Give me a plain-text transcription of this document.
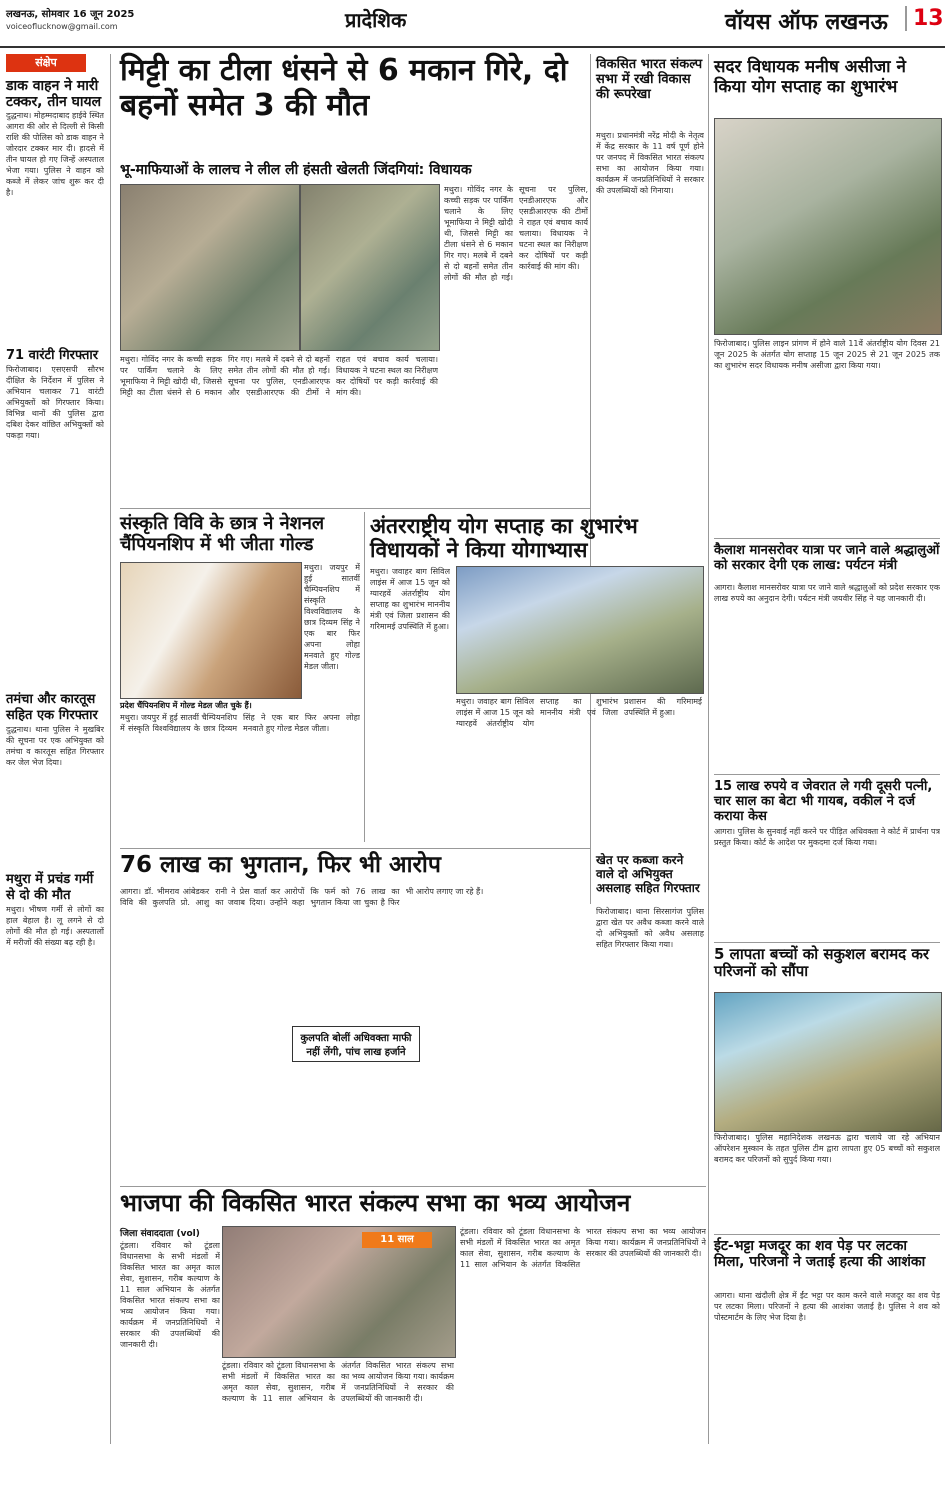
लखनऊ, सोमवार 16 जून 2025
voiceoflucknow@gmail.com	प्रादेशिक	वॉयस ऑफ लखनऊ	13
संक्षेप
डाक वाहन ने मारी टक्कर, तीन घायल
दुद्धनाथ। मोहम्मदाबाद हाईवे स्थित आगरा की ओर से दिल्ली से किसी राशि की पोलिस को डाक वाहन ने जोरदार टक्कर मार दी। हादसे में तीन घायल हो गए जिन्हें अस्पताल भेजा गया। पुलिस ने वाहन को कब्जे में लेकर जांच शुरू कर दी है।
71 वारंटी गिरफ्तार
फिरोजाबाद। एसएसपी सौरभ दीक्षित के निर्देशन में पुलिस ने अभियान चलाकर 71 वारंटी अभियुक्तों को गिरफ्तार किया। विभिन्न थानों की पुलिस द्वारा दबिश देकर वांछित अभियुक्तों को पकड़ा गया।
तमंचा और कारतूस सहित एक गिरफ्तार
दुद्धनाथ। थाना पुलिस ने मुखबिर की सूचना पर एक अभियुक्त को तमंचा व कारतूस सहित गिरफ्तार कर जेल भेज दिया।
मथुरा में प्रचंड गर्मी से दो की मौत
मथुरा। भीषण गर्मी से लोगों का हाल बेहाल है। लू लगने से दो लोगों की मौत हो गई। अस्पतालों में मरीजों की संख्या बढ़ रही है।
मिट्टी का टीला धंसने से 6 मकान गिरे, दो बहनों समेत 3 की मौत
भू-माफियाओं के लालच ने लील ली हंसती खेलती जिंदगियां: विधायक
मथुरा। गोविंद नगर के कच्ची सड़क पर पार्किंग चलाने के लिए भूमाफिया ने मिट्टी खोदी थी, जिससे मिट्टी का टीला धंसने से 6 मकान गिर गए। मलबे में दबने से दो बहनों समेत तीन लोगों की मौत हो गई। सूचना पर पुलिस, एनडीआरएफ और एसडीआरएफ की टीमों ने राहत एवं बचाव कार्य चलाया। विधायक ने घटना स्थल का निरीक्षण कर दोषियों पर कड़ी कार्रवाई की मांग की।
मथुरा। गोविंद नगर के कच्ची सड़क पर पार्किंग चलाने के लिए भूमाफिया ने मिट्टी खोदी थी, जिससे मिट्टी का टीला धंसने से 6 मकान गिर गए। मलबे में दबने से दो बहनों समेत तीन लोगों की मौत हो गई। सूचना पर पुलिस, एनडीआरएफ और एसडीआरएफ की टीमों ने राहत एवं बचाव कार्य चलाया। विधायक ने घटना स्थल का निरीक्षण कर दोषियों पर कड़ी कार्रवाई की मांग की।
विकसित भारत संकल्प सभा में रखी विकास की रूपरेखा
मथुरा। प्रधानमंत्री नरेंद्र मोदी के नेतृत्व में केंद्र सरकार के 11 वर्ष पूर्ण होने पर जनपद में विकसित भारत संकल्प सभा का आयोजन किया गया। कार्यक्रम में जनप्रतिनिधियों ने सरकार की उपलब्धियों को गिनाया।
सदर विधायक मनीष असीजा ने किया योग सप्ताह का शुभारंभ
फिरोजाबाद। पुलिस लाइन प्रांगण में होने वाले 11वें अंतर्राष्ट्रीय योग दिवस 21 जून 2025 के अंतर्गत योग सप्ताह 15 जून 2025 से 21 जून 2025 तक का शुभारंभ सदर विधायक मनीष असीजा द्वारा किया गया।
संस्कृति विवि के छात्र ने नेशनल चैंपियनशिप में भी जीता गोल्ड
मथुरा। जयपुर में हुई सातवीं चैम्पियनशिप में संस्कृति विश्वविद्यालय के छात्र दिव्यम सिंह ने एक बार फिर अपना लोहा मनवाते हुए गोल्ड मेडल जीता।
प्रदेश चैंपियनशिप में गोल्ड मेडल जीत चुके हैं।
मथुरा। जयपुर में हुई सातवीं चैम्पियनशिप में संस्कृति विश्वविद्यालय के छात्र दिव्यम सिंह ने एक बार फिर अपना लोहा मनवाते हुए गोल्ड मेडल जीता।
अंतरराष्ट्रीय योग सप्ताह का शुभारंभ विधायकों ने किया योगाभ्यास
मथुरा। जवाहर बाग सिविल लाइंस में आज 15 जून को ग्यारहवें अंतर्राष्ट्रीय योग सप्ताह का शुभारंभ माननीय मंत्री एवं जिला प्रशासन की गरिमामई उपस्थिति में हुआ।
मथुरा। जवाहर बाग सिविल लाइंस में आज 15 जून को ग्यारहवें अंतर्राष्ट्रीय योग सप्ताह का शुभारंभ माननीय मंत्री एवं जिला प्रशासन की गरिमामई उपस्थिति में हुआ।
कैलाश मानसरोवर यात्रा पर जाने वाले श्रद्धालुओं को सरकार देगी एक लाख: पर्यटन मंत्री
आगरा। कैलाश मानसरोवर यात्रा पर जाने वाले श्रद्धालुओं को प्रदेश सरकार एक लाख रुपये का अनुदान देगी। पर्यटन मंत्री जयवीर सिंह ने यह जानकारी दी।
15 लाख रुपये व जेवरात ले गयी दूसरी पत्नी, चार साल का बेटा भी गायब, वकील ने दर्ज कराया केस
आगरा। पुलिस के सुनवाई नहीं करने पर पीड़ित अधिवक्ता ने कोर्ट में प्रार्थना पत्र प्रस्तुत किया। कोर्ट के आदेश पर मुकदमा दर्ज किया गया।
76 लाख का भुगतान, फिर भी आरोप
आगरा। डॉ. भीमराव आंबेडकर विवि की कुलपति प्रो. आशु रानी ने प्रेस वार्ता कर आरोपों का जवाब दिया। उन्होंने कहा कि फर्म को 76 लाख का भुगतान किया जा चुका है फिर भी आरोप लगाए जा रहे हैं।
कुलपति बोलीं अधिवक्ता माफी नहीं लेंगी, पांच लाख हर्जाने
खेत पर कब्जा करने वाले दो अभियुक्त असलाह सहित गिरफ्तार
फिरोजाबाद। थाना सिरसागंज पुलिस द्वारा खेत पर अवैध कब्जा करने वाले दो अभियुक्तों को अवैध असलाह सहित गिरफ्तार किया गया।
5 लापता बच्चों को सकुशल बरामद कर परिजनों को सौंपा
फिरोजाबाद। पुलिस महानिदेशक लखनऊ द्वारा चलाये जा रहे अभियान ऑपरेशन मुस्कान के तहत पुलिस टीम द्वारा लापता हुए 05 बच्चों को सकुशल बरामद कर परिजनों को सुपुर्द किया गया।
ईट-भट्टा मजदूर का शव पेड़ पर लटका मिला, परिजनों ने जताई हत्या की आशंका
आगरा। थाना खंदौली क्षेत्र में ईंट भट्टा पर काम करने वाले मजदूर का शव पेड़ पर लटका मिला। परिजनों ने हत्या की आशंका जताई है। पुलिस ने शव को पोस्टमार्टम के लिए भेज दिया है।
भाजपा की विकसित भारत संकल्प सभा का भव्य आयोजन
जिला संवाददाता (vol)
टूंडला। रविवार को टूंडला विधानसभा के सभी मंडलों में विकसित भारत का अमृत काल सेवा, सुशासन, गरीब कल्याण के 11 साल अभियान के अंतर्गत विकसित भारत संकल्प सभा का भव्य आयोजन किया गया। कार्यक्रम में जनप्रतिनिधियों ने सरकार की उपलब्धियों की जानकारी दी।
11 साल
टूंडला। रविवार को टूंडला विधानसभा के सभी मंडलों में विकसित भारत का अमृत काल सेवा, सुशासन, गरीब कल्याण के 11 साल अभियान के अंतर्गत विकसित भारत संकल्प सभा का भव्य आयोजन किया गया। कार्यक्रम में जनप्रतिनिधियों ने सरकार की उपलब्धियों की जानकारी दी।
टूंडला। रविवार को टूंडला विधानसभा के सभी मंडलों में विकसित भारत का अमृत काल सेवा, सुशासन, गरीब कल्याण के 11 साल अभियान के अंतर्गत विकसित भारत संकल्प सभा का भव्य आयोजन किया गया। कार्यक्रम में जनप्रतिनिधियों ने सरकार की उपलब्धियों की जानकारी दी।
